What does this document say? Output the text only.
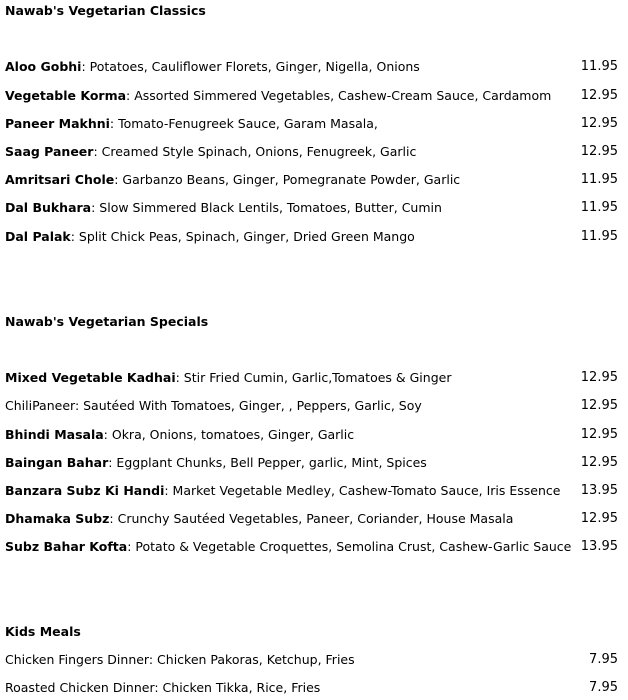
Nawab's Vegetarian Classics
Aloo Gobhi: Potatoes, Cauliflower Florets, Ginger, Nigella, Onions	11.95
Vegetable Korma: Assorted Simmered Vegetables, Cashew-Cream Sauce, Cardamom 12.95
Paneer Makhni: Tomato-Fenugreek Sauce, Garam Masala,	12.95
Saag Paneer: Creamed Style Spinach, Onions, Fenugreek, Garlic	12.95
Amritsari Chole: Garbanzo Beans, Ginger, Pomegranate Powder, Garlic	11.95
Dal Bukhara: Slow Simmered Black Lentils, Tomatoes, Butter, Cumin	11.95
Dal Palak: Split Chick Peas, Spinach, Ginger, Dried Green Mango	11.95
Nawab's Vegetarian Specials
Mixed Vegetable Kadhai: Stir Fried Cumin, Garlic,Tomatoes & Ginger	12.95
ChiliPaneer: Sautéed With Tomatoes, Ginger, , Peppers, Garlic, Soy	12.95
Bhindi Masala: Okra, Onions, tomatoes, Ginger, Garlic	12.95
Baingan Bahar: Eggplant Chunks, Bell Pepper, garlic, Mint, Spices	12.95
Banzara Subz Ki Handi: Market Vegetable Medley, Cashew-Tomato Sauce, Iris Essence 13.95
Dhamaka Subz: Crunchy Sautéed Vegetables, Paneer, Coriander, House Masala	12.95
Subz Bahar Kofta: Potato & Vegetable Croquettes, Semolina Crust, Cashew-Garlic Sauce 13.95
Kids Meals
Chicken Fingers Dinner: Chicken Pakoras, Ketchup, Fries	7.95
Roasted Chicken Dinner: Chicken Tikka, Rice, Fries	7.95
